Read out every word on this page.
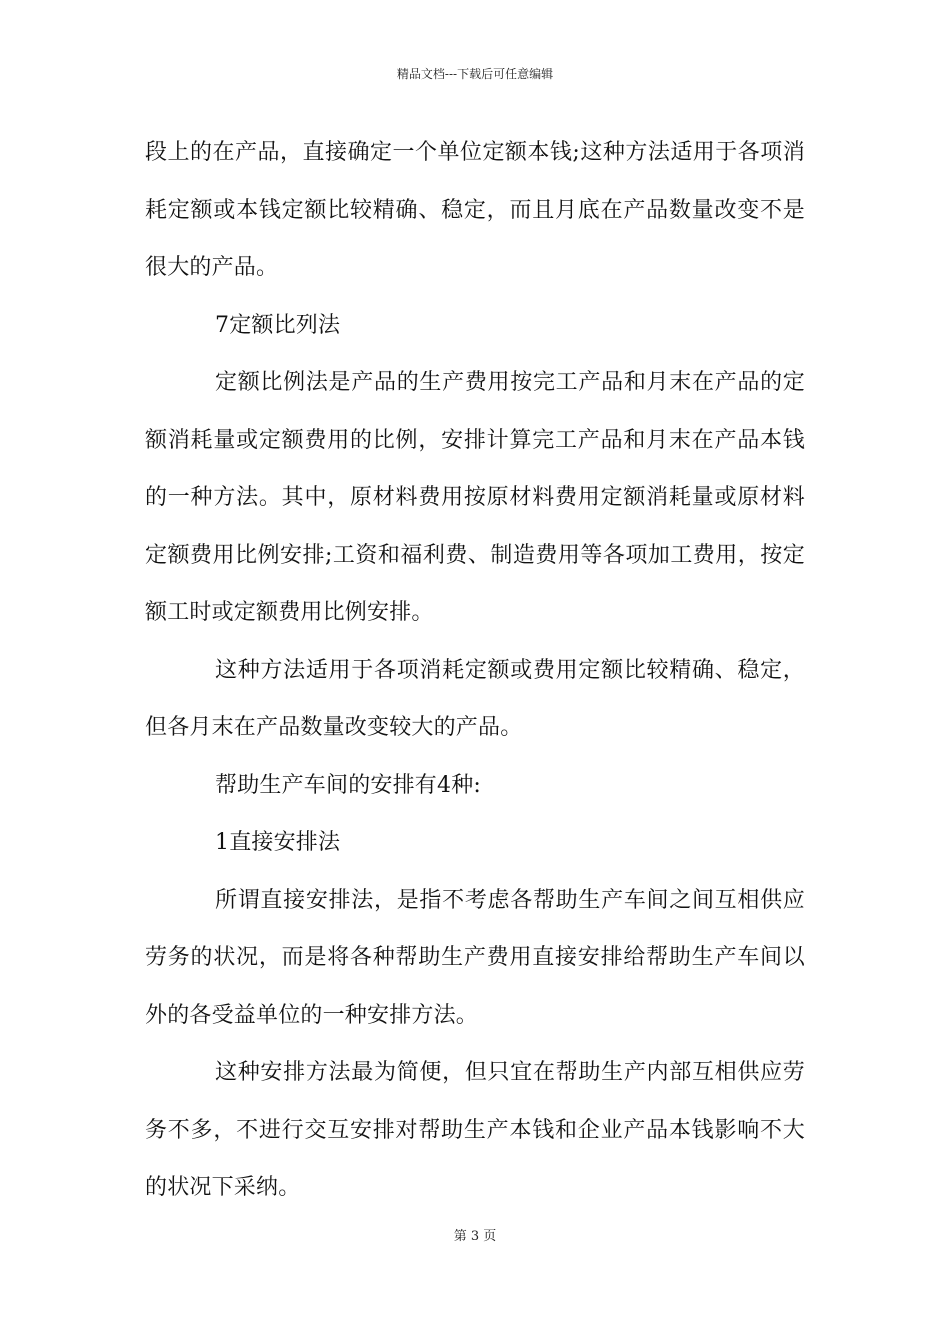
精品文档---下载后可任意编辑

段上的在产品，直接确定一个单位定额本钱;这种方法适用于各项消耗定额或本钱定额比较精确、稳定，而且月底在产品数量改变不是很大的产品。

7定额比列法

定额比例法是产品的生产费用按完工产品和月末在产品的定额消耗量或定额费用的比例，安排计算完工产品和月末在产品本钱的一种方法。其中，原材料费用按原材料费用定额消耗量或原材料定额费用比例安排;工资和福利费、制造费用等各项加工费用，按定额工时或定额费用比例安排。

这种方法适用于各项消耗定额或费用定额比较精确、稳定，但各月末在产品数量改变较大的产品。

帮助生产车间的安排有4种:

1直接安排法

所谓直接安排法，是指不考虑各帮助生产车间之间互相供应劳务的状况，而是将各种帮助生产费用直接安排给帮助生产车间以外的各受益单位的一种安排方法。

这种安排方法最为简便，但只宜在帮助生产内部互相供应劳务不多，不进行交互安排对帮助生产本钱和企业产品本钱影响不大的状况下采纳。

第 3 页
